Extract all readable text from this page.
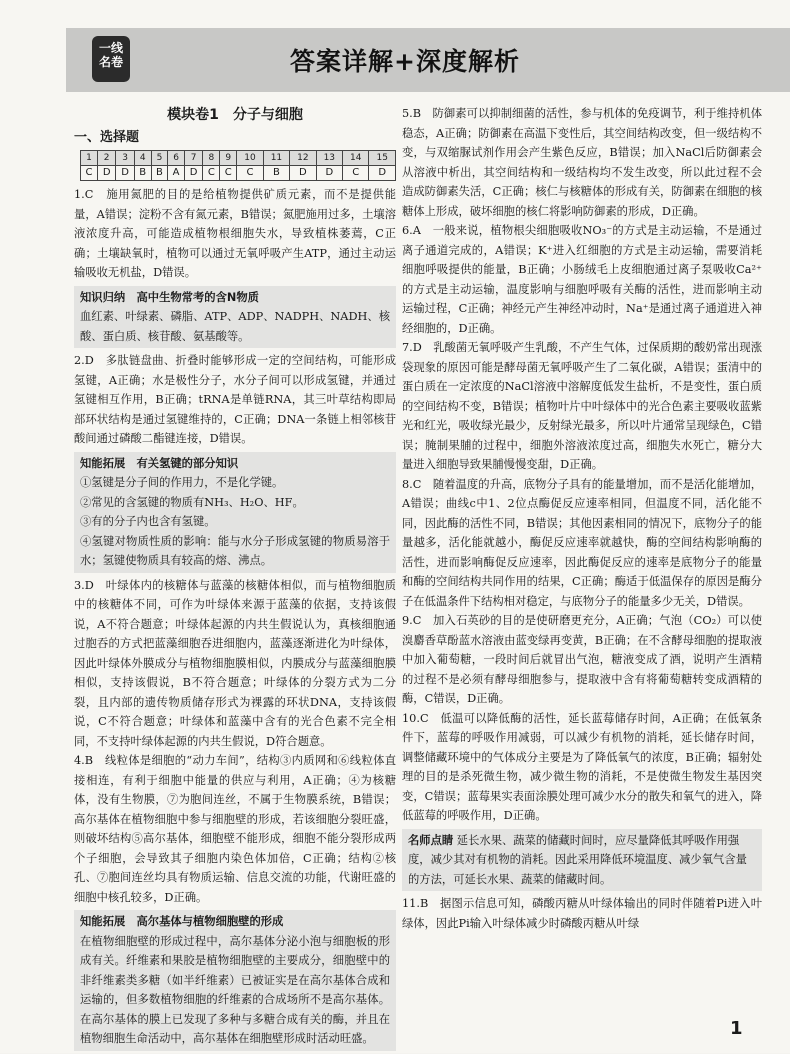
一线
名卷	答案详解+深度解析
模块卷1　分子与细胞
一、选择题
1	2	3	4	5	6	7	8	9	10	11	12	13	14	15
C	D	D	B	B	A	D	C	C	C	B	D	D	C	D

1.C　施用氮肥的目的是给植物提供矿质元素，而不是提供能量，A错误；淀粉不含有氮元素，B错误；氮肥施用过多，土壤溶液浓度升高，可能造成植物根细胞失水，导致植株萎蔫，C正确；土壤缺氧时，植物可以通过无氧呼吸产生ATP，通过主动运输吸收无机盐，D错误。

知识归纳　高中生物常考的含N物质

血红素、叶绿素、磷脂、ATP、ADP、NADPH、NADH、核酸、蛋白质、核苷酸、氨基酸等。

2.D　多肽链盘曲、折叠时能够形成一定的空间结构，可能形成氢键，A正确；水是极性分子，水分子间可以形成氢键，并通过氢键相互作用，B正确；tRNA是单链RNA，其三叶草结构即局部环状结构是通过氢键维持的，C正确；DNA一条链上相邻核苷酸间通过磷酸二酯键连接，D错误。

知能拓展　有关氢键的部分知识

①氢键是分子间的作用力，不是化学键。

②常见的含氢键的物质有NH₃、H₂O、HF。

③有的分子内也含有氢键。

④氢键对物质性质的影响：能与水分子形成氢键的物质易溶于水；氢键使物质具有较高的熔、沸点。

3.D　叶绿体内的核糖体与蓝藻的核糖体相似，而与植物细胞质中的核糖体不同，可作为叶绿体来源于蓝藻的依据，支持该假说，A不符合题意；叶绿体起源的内共生假说认为，真核细胞通过胞吞的方式把蓝藻细胞吞进细胞内，蓝藻逐渐进化为叶绿体，因此叶绿体外膜成分与植物细胞膜相似，内膜成分与蓝藻细胞膜相似，支持该假说，B不符合题意；叶绿体的分裂方式为二分裂，且内部的遗传物质储存形式为裸露的环状DNA，支持该假说，C不符合题意；叶绿体和蓝藻中含有的光合色素不完全相同，不支持叶绿体起源的内共生假说，D符合题意。

4.B　线粒体是细胞的“动力车间”，结构③内质网和⑥线粒体直接相连，有利于细胞中能量的供应与利用，A正确；④为核糖体，没有生物膜，⑦为胞间连丝，不属于生物膜系统，B错误；高尔基体在植物细胞中参与细胞壁的形成，若该细胞分裂旺盛，则破坏结构⑤高尔基体，细胞壁不能形成，细胞不能分裂形成两个子细胞，会导致其子细胞内染色体加倍，C正确；结构②核孔、⑦胞间连丝均具有物质运输、信息交流的功能，代谢旺盛的细胞中核孔较多，D正确。

知能拓展　高尔基体与植物细胞壁的形成

在植物细胞壁的形成过程中，高尔基体分泌小泡与细胞板的形成有关。纤维素和果胶是植物细胞壁的主要成分，细胞壁中的非纤维素类多糖（如半纤维素）已被证实是在高尔基体合成和运输的，但多数植物细胞的纤维素的合成场所不是高尔基体。在高尔基体的膜上已发现了多种与多糖合成有关的酶，并且在植物细胞生命活动中，高尔基体在细胞壁形成时活动旺盛。

5.B　防御素可以抑制细菌的活性，参与机体的免疫调节，利于维持机体稳态，A正确；防御素在高温下变性后，其空间结构改变，但一级结构不变，与双缩脲试剂作用会产生紫色反应，B错误；加入NaCl后防御素会从溶液中析出，其空间结构和一级结构均不发生改变，所以此过程不会造成防御素失活，C正确；核仁与核糖体的形成有关，防御素在细胞的核糖体上形成，破坏细胞的核仁将影响防御素的形成，D正确。

6.A　一般来说，植物根尖细胞吸收NO₃⁻的方式是主动运输，不是通过离子通道完成的，A错误；K⁺进入红细胞的方式是主动运输，需要消耗细胞呼吸提供的能量，B正确；小肠绒毛上皮细胞通过离子泵吸收Ca²⁺的方式是主动运输，温度影响与细胞呼吸有关酶的活性，进而影响主动运输过程，C正确；神经元产生神经冲动时，Na⁺是通过离子通道进入神经细胞的，D正确。

7.D　乳酸菌无氧呼吸产生乳酸，不产生气体，过保质期的酸奶常出现涨袋现象的原因可能是酵母菌无氧呼吸产生了二氧化碳，A错误；蛋清中的蛋白质在一定浓度的NaCl溶液中溶解度低发生盐析，不是变性，蛋白质的空间结构不变，B错误；植物叶片中叶绿体中的光合色素主要吸收蓝紫光和红光，吸收绿光最少，反射绿光最多，所以叶片通常呈现绿色，C错误；腌制果脯的过程中，细胞外溶液浓度过高，细胞失水死亡，糖分大量进入细胞导致果脯慢慢变甜，D正确。

8.C　随着温度的升高，底物分子具有的能量增加，而不是活化能增加，A错误；曲线c中1、2位点酶促反应速率相同，但温度不同，活化能不同，因此酶的活性不同，B错误；其他因素相同的情况下，底物分子的能量越多，活化能就越小，酶促反应速率就越快，酶的空间结构影响酶的活性，进而影响酶促反应速率，因此酶促反应的速率是底物分子的能量和酶的空间结构共同作用的结果，C正确；酶适于低温保存的原因是酶分子在低温条件下结构相对稳定，与底物分子的能量多少无关，D错误。

9.C　加入石英砂的目的是使研磨更充分，A正确；气泡（CO₂）可以使溴麝香草酚蓝水溶液由蓝变绿再变黄，B正确；在不含酵母细胞的提取液中加入葡萄糖，一段时间后就冒出气泡，糖液变成了酒，说明产生酒精的过程不是必须有酵母细胞参与，提取液中含有将葡萄糖转变成酒精的酶，C错误，D正确。

10.C　低温可以降低酶的活性，延长蓝莓储存时间，A正确；在低氧条件下，蓝莓的呼吸作用减弱，可以减少有机物的消耗，延长储存时间，调整储藏环境中的气体成分主要是为了降低氧气的浓度，B正确；辐射处理的目的是杀死微生物，减少微生物的消耗，不是使微生物发生基因突变，C错误；蓝莓果实表面涂膜处理可减少水分的散失和氧气的进入，降低蓝莓的呼吸作用，D正确。

名师点睛 延长水果、蔬菜的储藏时间时，应尽量降低其呼吸作用强度，减少其对有机物的消耗。因此采用降低环境温度、减少氧气含量的方法，可延长水果、蔬菜的储藏时间。

11.B　据图示信息可知，磷酸丙糖从叶绿体输出的同时伴随着Pi进入叶绿体，因此Pi输入叶绿体减少时磷酸丙糖从叶绿

1
